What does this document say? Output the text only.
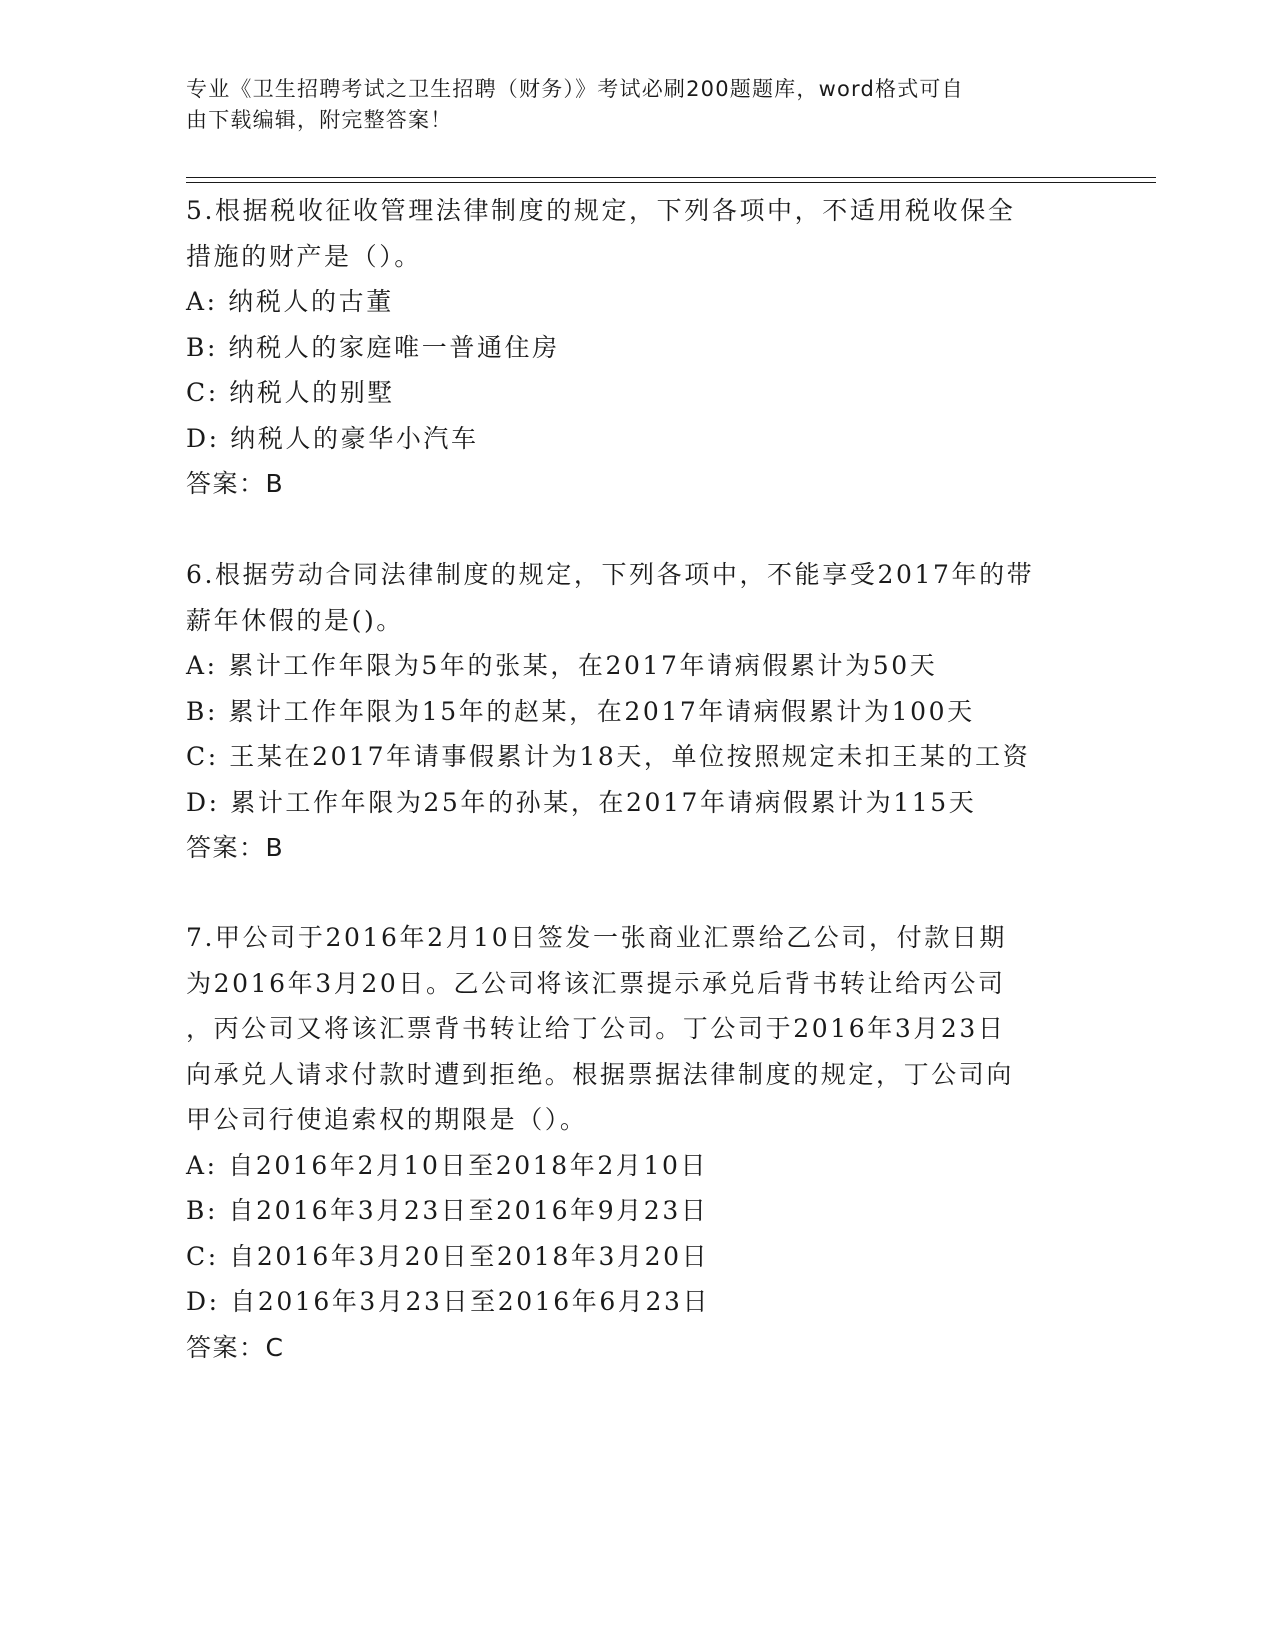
专业《卫生招聘考试之卫生招聘（财务）》考试必刷200题题库，word格式可自
由下载编辑，附完整答案！
5.根据税收征收管理法律制度的规定，下列各项中，不适用税收保全
措施的财产是（）。
A: 纳税人的古董
B: 纳税人的家庭唯一普通住房
C: 纳税人的别墅
D: 纳税人的豪华小汽车
答案：B
6.根据劳动合同法律制度的规定，下列各项中，不能享受2017年的带
薪年休假的是()。
A: 累计工作年限为5年的张某，在2017年请病假累计为50天
B: 累计工作年限为15年的赵某，在2017年请病假累计为100天
C: 王某在2017年请事假累计为18天，单位按照规定未扣王某的工资
D: 累计工作年限为25年的孙某，在2017年请病假累计为115天
答案：B
7.甲公司于2016年2月10日签发一张商业汇票给乙公司，付款日期
为2016年3月20日。乙公司将该汇票提示承兑后背书转让给丙公司
，丙公司又将该汇票背书转让给丁公司。丁公司于2016年3月23日
向承兑人请求付款时遭到拒绝。根据票据法律制度的规定，丁公司向
甲公司行使追索权的期限是（）。
A: 自2016年2月10日至2018年2月10日
B: 自2016年3月23日至2016年9月23日
C: 自2016年3月20日至2018年3月20日
D: 自2016年3月23日至2016年6月23日
答案：C
